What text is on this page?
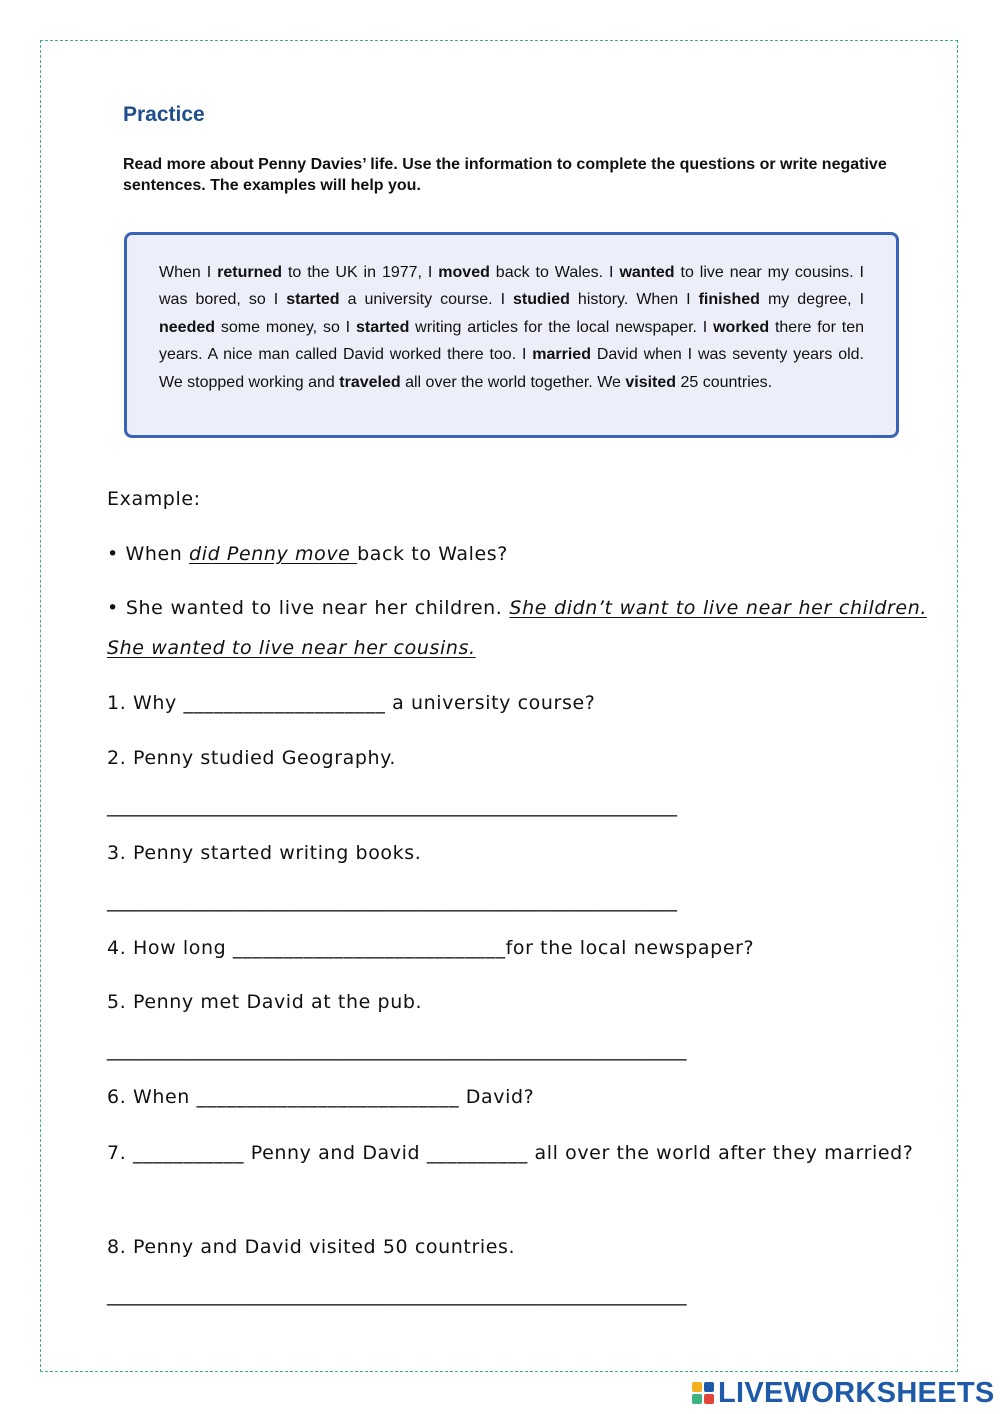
Practice
Read more about Penny Davies’ life. Use the information to complete the questions or write negative sentences. The examples will help you.
When I returned to the UK in 1977, I moved back to Wales. I wanted to live near my cousins. I was bored, so I started a university course. I studied history. When I finished my degree, I needed some money, so I started writing articles for the local newspaper. I worked there for ten years. A nice man called David worked there too. I married David when I was seventy years old. We stopped working and traveled all over the world together. We visited 25 countries.
Example:
• When did Penny move back to Wales?
• She wanted to live near her children. She didn’t want to live near her children. She wanted to live near her cousins.
1. Why ____________________ a university course?
2. Penny studied Geography.
____________________________________________________________
3. Penny started writing books.
____________________________________________________________
4. How long ___________________________for the local newspaper?
5. Penny met David at the pub.
_____________________________________________________________
6. When __________________________ David?
7. ___________ Penny and David __________ all over the world after they married?
8. Penny and David visited 50 countries.
_____________________________________________________________
LIVEWORKSHEETS
